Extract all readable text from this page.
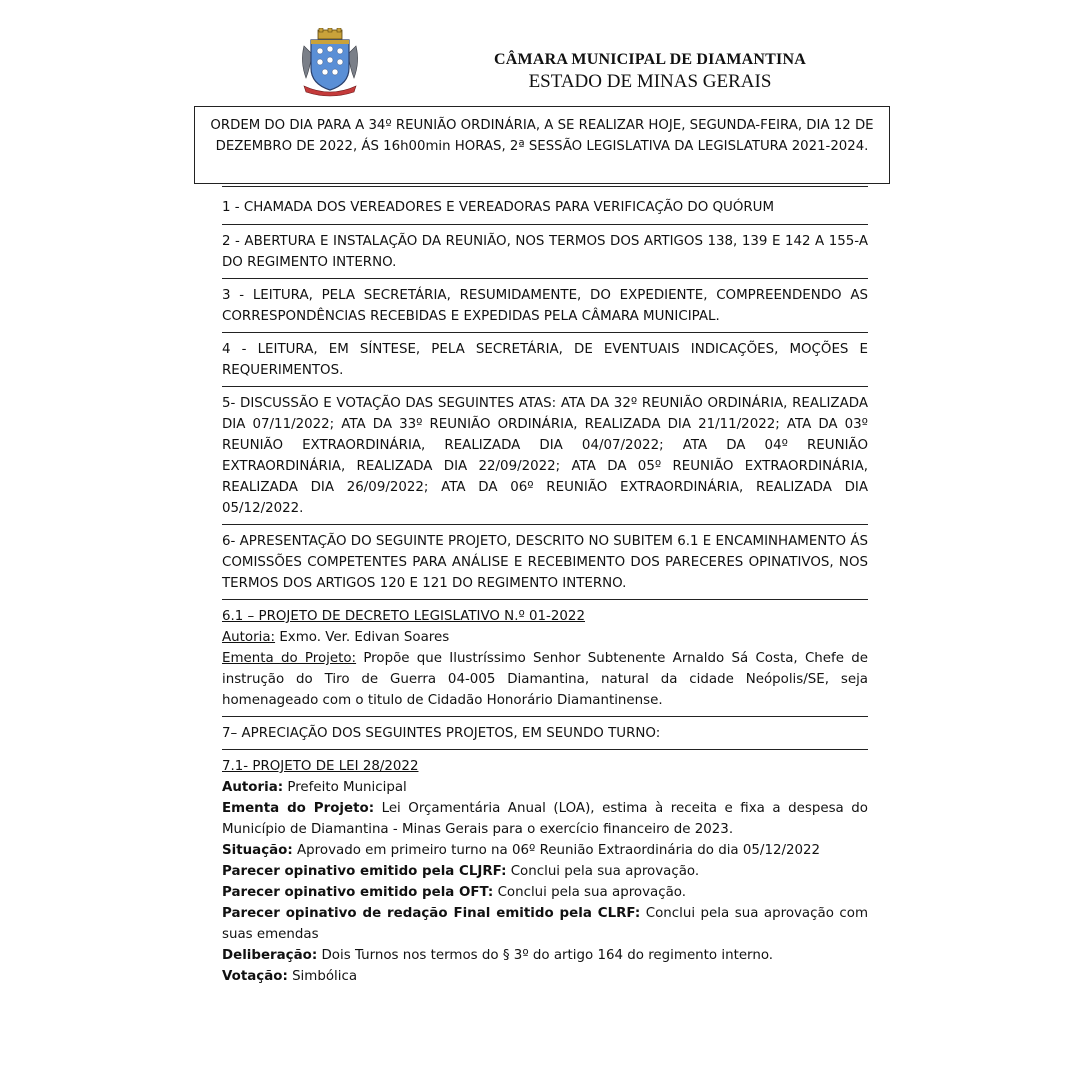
CÂMARA MUNICIPAL DE DIAMANTINA
ESTADO DE MINAS GERAIS
ORDEM DO DIA PARA A 34º REUNIÃO ORDINÁRIA, A SE REALIZAR HOJE, SEGUNDA-FEIRA, DIA 12 DE DEZEMBRO DE 2022, ÁS 16h00min HORAS, 2ª SESSÃO LEGISLATIVA DA LEGISLATURA 2021-2024.
1 - CHAMADA DOS VEREADORES E VEREADORAS PARA VERIFICAÇÃO DO QUÓRUM
2 - ABERTURA E INSTALAÇÃO DA REUNIÃO, NOS TERMOS DOS ARTIGOS 138, 139 E 142 A 155-A DO REGIMENTO INTERNO.
3 - LEITURA, PELA SECRETÁRIA, RESUMIDAMENTE, DO EXPEDIENTE, COMPREENDENDO AS CORRESPONDÊNCIAS RECEBIDAS E EXPEDIDAS PELA CÂMARA MUNICIPAL.
4 - LEITURA, EM SÍNTESE, PELA SECRETÁRIA, DE EVENTUAIS INDICAÇÕES, MOÇÕES E REQUERIMENTOS.
5- DISCUSSÃO E VOTAÇÃO DAS SEGUINTES ATAS: ATA DA 32º REUNIÃO ORDINÁRIA, REALIZADA DIA 07/11/2022; ATA DA 33º REUNIÃO ORDINÁRIA, REALIZADA DIA 21/11/2022; ATA DA 03º REUNIÃO EXTRAORDINÁRIA, REALIZADA DIA 04/07/2022; ATA DA 04º REUNIÃO EXTRAORDINÁRIA, REALIZADA DIA 22/09/2022; ATA DA 05º REUNIÃO EXTRAORDINÁRIA, REALIZADA DIA 26/09/2022; ATA DA 06º REUNIÃO EXTRAORDINÁRIA, REALIZADA DIA 05/12/2022.
6- APRESENTAÇÃO DO SEGUINTE PROJETO, DESCRITO NO SUBITEM 6.1 E ENCAMINHAMENTO ÁS COMISSÕES COMPETENTES PARA ANÁLISE E RECEBIMENTO DOS PARECERES OPINATIVOS, NOS TERMOS DOS ARTIGOS 120 E 121 DO REGIMENTO INTERNO.
6.1 – PROJETO DE DECRETO LEGISLATIVO N.º 01-2022
Autoria: Exmo. Ver. Edivan Soares
Ementa do Projeto: Propõe que Ilustríssimo Senhor Subtenente Arnaldo Sá Costa, Chefe de instrução do Tiro de Guerra 04-005 Diamantina, natural da cidade Neópolis/SE, seja homenageado com o titulo de Cidadão Honorário Diamantinense.
7– APRECIAÇÃO DOS SEGUINTES PROJETOS, EM SEUNDO TURNO:
7.1- PROJETO DE LEI 28/2022
Autoria: Prefeito Municipal
Ementa do Projeto: Lei Orçamentária Anual (LOA), estima à receita e fixa a despesa do Município de Diamantina - Minas Gerais para o exercício financeiro de 2023.
Situação: Aprovado em primeiro turno na 06º Reunião Extraordinária do dia 05/12/2022
Parecer opinativo emitido pela CLJRF: Conclui pela sua aprovação.
Parecer opinativo emitido pela OFT: Conclui pela sua aprovação.
Parecer opinativo de redação Final emitido pela CLRF: Conclui pela sua aprovação com suas emendas
Deliberação: Dois Turnos nos termos do § 3º do artigo 164 do regimento interno.
Votação: Simbólica
